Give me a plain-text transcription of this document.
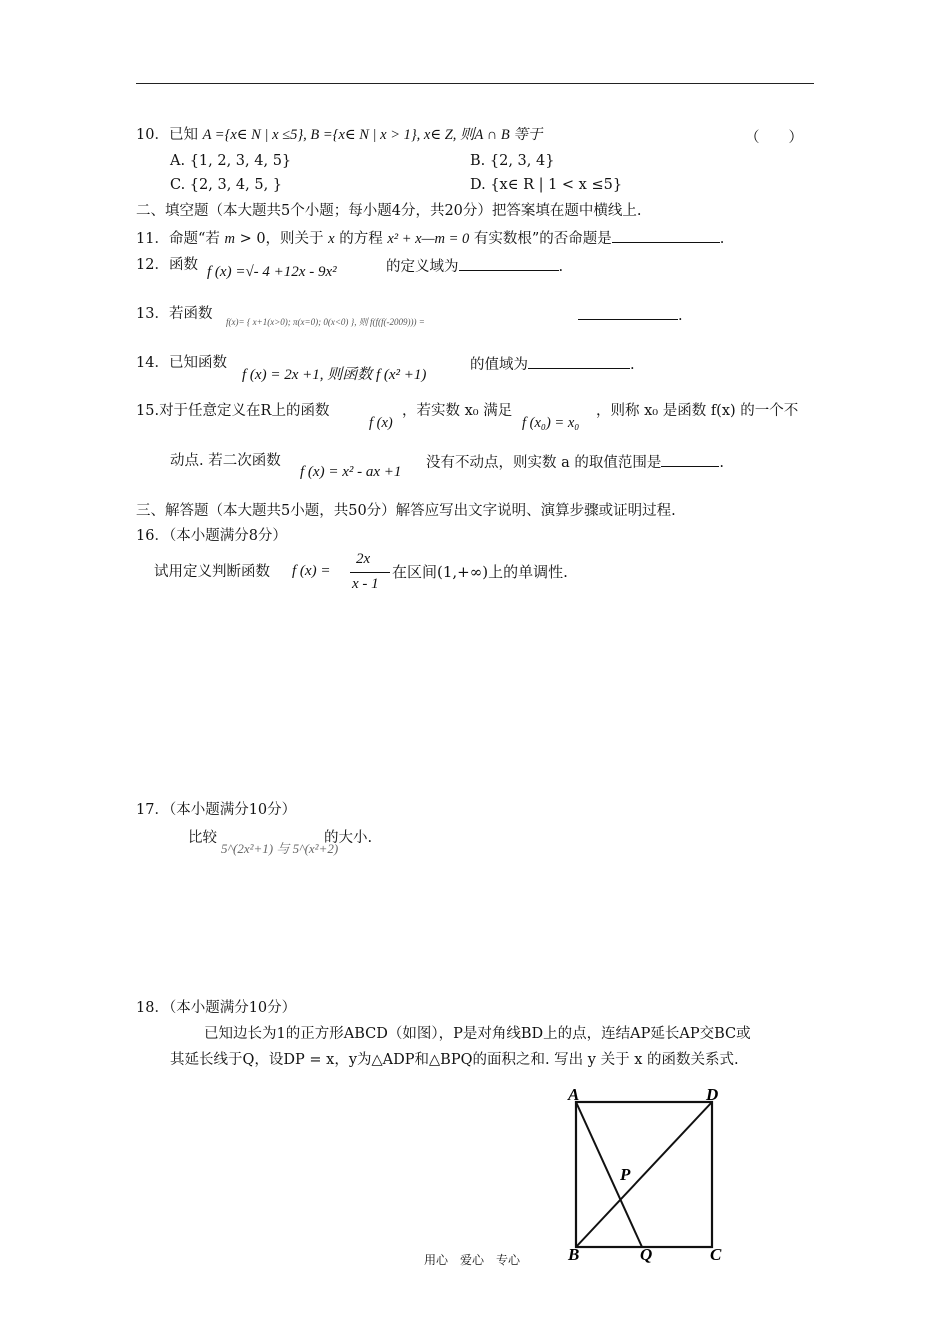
10．已知 A ={x∈ N | x ≤5}, B ={x∈ N | x > 1}, x∈ Z, 则A ∩ B 等于	（　　）
A. {1, 2, 3, 4, 5}	B. {2, 3, 4}
C. {2, 3, 4, 5, }	D. {x∈ R | 1 < x ≤5}
二、填空题（本大题共5个小题；每小题4分，共20分）把答案填在题中横线上.
11．命题“若 m > 0，则关于 x 的方程 x² + x—m = 0 有实数根”的否命题是	.
12．函数 f (x) =√- 4 +12x - 9x²	的定义域为	.
13．若函数 f(x)= { x+1(x>0); π(x=0); 0(x<0) }, 则 f(f(f(-2009))) =	.
14．已知函数
f (x) = 2x +1, 则函数 f (x² +1)
的值域为	.
15.对于任意定义在R上的函数
f (x)
，若实数 x₀ 满足
f (x₀) = x₀
，则称 x₀ 是函数 f(x) 的一个不
动点. 若二次函数
f (x) = x² - ax +1
没有不动点，则实数 a 的取值范围是	.
三、解答题（本大题共5小题，共50分）解答应写出文字说明、演算步骤或证明过程.
16．（本小题满分8分）
试用定义判断函数 f (x) =
2x
x - 1
在区间(1,+∞)上的单调性.
17．（本小题满分10分）
比较
5^(2x²+1) 与 5^(x²+2)
的大小.
18．（本小题满分10分）
已知边长为1的正方形ABCD（如图），P是对角线BD上的点，连结AP延长AP交BC或
其延长线于Q，设DP = x，y为△ADP和△BPQ的面积之和. 写出 y 关于 x 的函数关系式.
A	D
P
B	Q	C
用心　爱心　专心
